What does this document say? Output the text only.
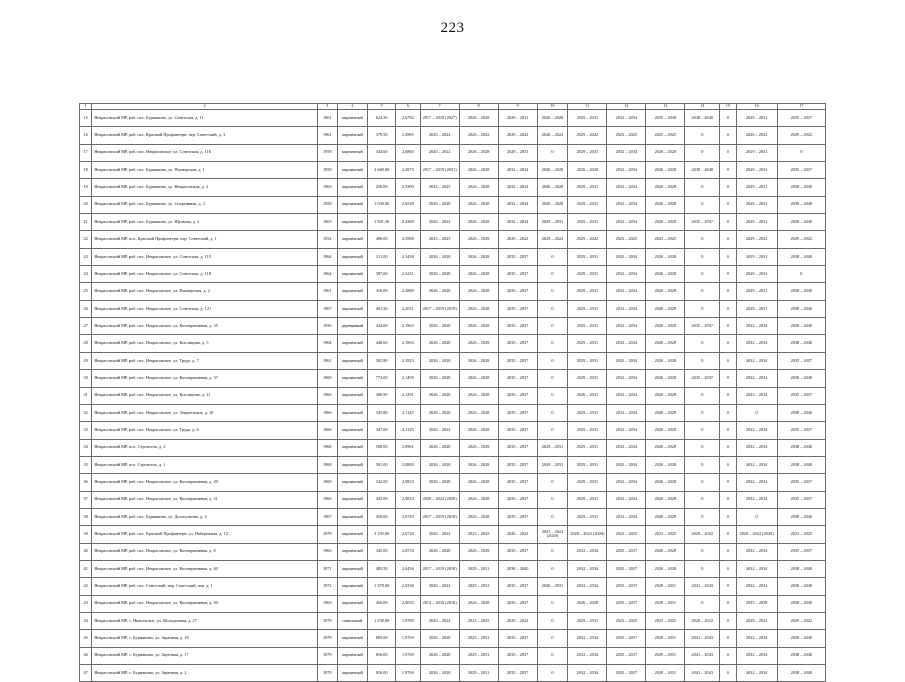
223
1	2	3	4	5	6	7	8	9	10	11	12	13	14	15	16	17
15	Некрасовский МР, раб. пос. Бурмакино, ул. Советская, д. 11	1961	кирпичный	624,50	2,6792	2017 – 2019 (2027)	2026 – 2028	2029 – 2031	2026 – 2028	2029 – 2031	2032 – 2034	2035 – 2038	2038 – 2040	0	2029 – 2031	2035 – 2037
16	Некрасовский МР, раб. пос. Красный Профинтерн, пер. Советский, д. 3	1961	кирпичный	379,50	2,4985	2020 – 2022	2026 – 2022	2029 – 2042	2026 – 2022	2029 – 2022	2023 – 2025	2025 – 2025	0	0	2026 – 2022	2029 – 2022
17	Некрасовский МР, раб. пос. Некрасовское, ул. Советская, д. 116	1958	кирпичный	344,60	2,6860	2020 – 2022	2026 – 2028	2029 – 2031	0	2029 – 2031	2032 – 2034	2026 – 2028	0	0	2029 – 2031	0
18	Некрасовский МР, раб. пос. Бурмакино, ул. Пионерская, д. 1	1958	кирпичный	2 640,80	2,2875	2017 – 2019 (2031)	2026 – 2028	2032 – 2034	2026 – 2028	2026 – 2028	2032 – 2034	2026 – 2028	2038 – 2040	0	2029 – 2031	2035 – 2037
19	Некрасовский МР, раб. пос. Бурмакино, ул. Некрасовская, д. 2	1963	кирпичный	256,00	2,5309	2023 – 2025	2026 – 2028	2032 – 2034	2026 – 2028	2029 – 2031	2032 – 2034	2026 – 2028	0	0	2029 – 2031	2038 – 2040
20	Некрасовский МР, раб. пос. Бурмакино, ул. Спортивная, д. 2	1958	кирпичный	1 030,80	2,6539	2026 – 2028	2026 – 2028	2032 – 2034	2026 – 2028	2029 – 2031	2032 – 2034	2026 – 2028	0	0	2029 – 2031	2038 – 2040
21	Некрасовский МР, раб. пос. Бурмакино, ул. Щелкова, д. 2	1965	кирпичный	1 501,30	2,4388	2020 – 2022	2026 – 2028	2032 – 2034	2029 – 2031	2029 – 2031	2032 – 2034	2026 – 2028	2035 – 2037	0	2029 – 2031	2038 – 2040
22	Некрасовский МР, пос. Красный Профинтерн, пер. Советский, д. 1	1952	кирпичный	486,00	2,5988	2023 – 2025	2026 – 2028	2029 – 2022	2029 – 2022	2029 – 2022	2023 – 2025	2023 – 2025	0	0	2029 – 2022	2029 – 2022
23	Некрасовский МР, раб. пос. Некрасовское, ул. Советская, д. 115	1964	кирпичный	311,00	2,3438	2026 – 2028	2026 – 2028	2035 – 2037	0	2029 – 2031	2032 – 2034	2026 – 2028	0	0	2029 – 2031	2038 – 2040
24	Некрасовский МР, раб. пос. Некрасовское, ул. Советская, д. 118	1964	кирпичный	397,60	2,3241	2026 – 2028	2026 – 2028	2035 – 2037	0	2029 – 2031	2032 – 2034	2026 – 2028	0	0	2029 – 2031	0
25	Некрасовский МР, раб. пос. Некрасовское, ул. Пионерская, д. 2	1961	кирпичный	316,00	2,2880	2026 – 2028	2026 – 2028	2035 – 2037	0	2029 – 2031	2032 – 2034	2026 – 2028	0	0	2029 – 2031	2038 – 2040
26	Некрасовский МР, раб. пос. Некрасовское, ул. Советская, д. 121	1967	кирпичный	461,50	2,2031	2017 – 2019 (2019)	2026 – 2028	2035 – 2037	0	2029 – 2031	2032 – 2034	2026 – 2028	0	0	2029 – 2031	2038 – 2040
27	Некрасовский МР, раб. пос. Некрасовское, ул. Кооперативная, д. 35	1950	деревянный	434,00	2,1963	2026 – 2028	2026 – 2028	2035 – 2037	0	2029 – 2031	2032 – 2034	2026 – 2028	2035 – 2037	0	2032 – 2034	2038 – 2040
28	Некрасовский МР, раб. пос. Некрасовское, ул. Кислицина, д. 5	1964	кирпичный	448,60	2,1963	2026 – 2028	2026 – 2028	2035 – 2037	0	2029 – 2031	2032 – 2034	2026 – 2028	0	0	2032 – 2034	2038 – 2040
29	Некрасовский МР, раб. пос. Некрасовское, ул. Труда, д. 7	1961	кирпичный	302,80	2,1823	2026 – 2028	2026 – 2028	2035 – 2037	0	2029 – 2031	2032 – 2034	2026 – 2028	0	0	2032 – 2034	2035 – 2037
30	Некрасовский МР, раб. пос. Некрасовское, ул. Кооперативная, д. 37	1969	кирпичный	773,00	2,1490	2026 – 2028	2026 – 2028	2035 – 2037	0	2029 – 2031	2032 – 2034	2026 – 2028	2035 – 2037	0	2032 – 2034	2038 – 2040
31	Некрасовский МР, раб. пос. Некрасовское, ул. Кислицина, д. 11	1966	кирпичный	306,90	2,1291	2026 – 2028	2026 – 2028	2035 – 2037	0	2026 – 2031	2032 – 2034	2026 – 2028	0	0	2023 – 2034	2035 – 2037
32	Некрасовский МР, раб. пос. Некрасовское, ул. Энергетиков, д. 10	1966	кирпичный	345,80	2,1145	2026 – 2028	2026 – 2028	2035 – 2037	0	2029 – 2031	2032 – 2034	2026 – 2028	0	0	0	2038 – 2040
33	Некрасовский МР, раб. пос. Некрасовское, ул. Труда, д. 6	1966	кирпичный	347,00	2,1125	2020 – 2022	2026 – 2028	2035 – 2037	0	2029 – 2031	2032 – 2034	2026 – 2028	0	0	2032 – 2034	2035 – 2037
34	Некрасовский МР, пос. Строитель, д. 2	1968	кирпичный	508,00	2,0961	2026 – 2028	2026 – 2028	2035 – 2037	2029 – 2031	2029 – 2031	2032 – 2034	2026 – 2028	0	0	2032 – 2034	2038 – 2040
35	Некрасовский МР, пос. Строитель, д. 1	1968	кирпичный	501,00	2,0880	2026 – 2028	2026 – 2028	2035 – 2037	2029 – 2031	2029 – 2031	2032 – 2034	2026 – 2028	0	0	2032 – 2034	2038 – 2040
36	Некрасовский МР, раб. пос. Некрасовское, ул. Кооперативная, д. 29	1969	кирпичный	342,00	2,0833	2026 – 2028	2026 – 2028	2035 – 2037	0	2029 – 2031	2032 – 2034	2026 – 2028	0	0	2032 – 2034	2035 – 2037
37	Некрасовский МР, раб. пос. Некрасовское, ул. Кооперативная, д. 31	1966	кирпичный	445,00	2,0823	2020 – 2022 (2028)	2026 – 2028	2035 – 2037	0	2029 – 2031	2032 – 2034	2026 – 2028	0	0	2032 – 2034	2035 – 2037
38	Некрасовский МР, раб. пос. Бурмакино, ул. Долгоуткина, д. 3	1967	кирпичный	450,00	2,0743	2017 – 2019 (2018)	2026 – 2028	2035 – 2037	0	2029 – 2031	2032 – 2034	2026 – 2028	0	0	0	2038 – 2040
39	Некрасовский МР, раб. пос. Красный Профинтерн, ул. Набережная, д. 12	1978	кирпичный	3 195,00	2,0726	2020 – 2022	2023 – 2025	2020 – 2022	2021 – 2022 (2020)	2020 – 2022 (2020)	2023 – 2025	2023 – 2025	2029 – 2022	0	2029 – 2022 (2020)	2023 – 2025
40	Некрасовский МР, раб. пос. Некрасовское, ул. Кооперативная, д. 8	1966	кирпичный	345,00	2,0576	2026 – 2028	2026 – 2028	2035 – 2037	0	2032 – 2034	2035 – 2037	2026 – 2028	0	0	2032 – 2034	2035 – 2037
41	Некрасовский МР, раб. пос. Некрасовское, ул. Кооперативная, д. 40	1971	кирпичный	485,50	2,0436	2017 – 2019 (2018)	2029 – 2031	2038 – 2040	0	2032 – 2034	2035 – 2037	2026 – 2028	0	0	2032 – 2034	2038 – 2040
42	Некрасовский МР, раб. пос. Советский, пер. Советский, пер. д. 1	1972	кирпичный	1 378,00	2,0336	2020 – 2022	2029 – 2031	2035 – 2037	2026 – 2031	2032 – 2034	2035 – 2037	2029 – 2031	2041 – 2043	0	2032 – 2034	2038 – 2040
43	Некрасовский МР, раб. пос. Некрасовское, ул. Кооперативная, д. 39	1963	кирпичный	456,00	2,0035	2014 – 2016 (2016)	2026 – 2028	2035 – 2037	0	2026 – 2028	2035 – 2037	2029 – 2031	0	0	2035 – 2038	2038 – 2040
44	Некрасовский МР, с. Никольское, ул. Молодежная, д. 27	1979	панельный	1 238,00	1,9789	2020 – 2022	2023 – 2025	2029 – 2022	0	2029 – 2031	2023 – 2025	2023 – 2025	2020 – 2022	0	2029 – 2022	2029 – 2022
45	Некрасовский МР, с. Бурмакино, ул. Заречная, д. 18	1978	кирпичный	809,00	1,9769	2026 – 2028	2029 – 2031	2035 – 2037	0	2032 – 2034	2035 – 2037	2029 – 2031	2041 – 2043	0	2032 – 2034	2038 – 2040
46	Некрасовский МР, с. Бурмакино, ул. Заречная, д. 17	1979	кирпичный	816,00	1,9769	2026 – 2028	2029 – 2031	2035 – 2037	0	2032 – 2034	2035 – 2037	2029 – 2031	2041 – 2043	0	2032 – 2034	2038 – 2040
47	Некрасовский МР, с. Бурмакино, ул. Заречная, д. 2	1979	кирпичный	816,00	1,9769	2026 – 2028	2029 – 2031	2035 – 2037	0	2032 – 2034	2035 – 2037	2029 – 2031	2041 – 2043	0	2032 – 2034	2038 – 2040
